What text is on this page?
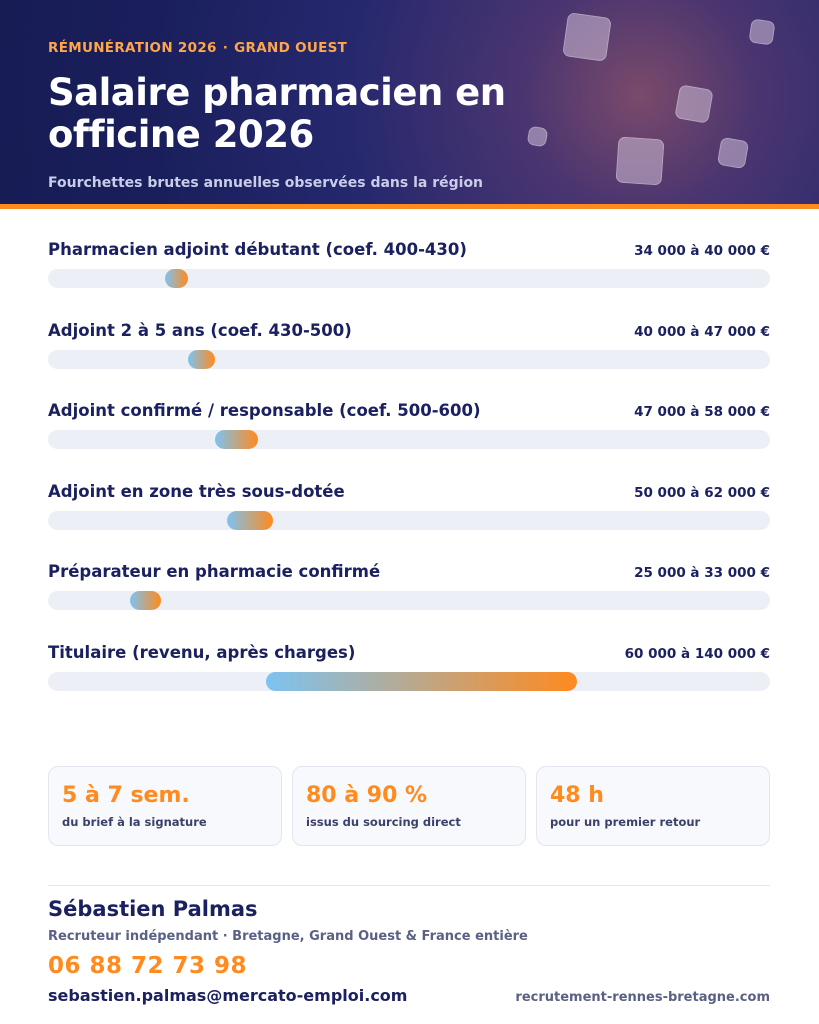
RÉMUNÉRATION 2026 · GRAND OUEST
Salaire pharmacien en officine 2026
Fourchettes brutes annuelles observées dans la région
Pharmacien adjoint débutant (coef. 400-430)	34 000 à 40 000 €
Adjoint 2 à 5 ans (coef. 430-500)	40 000 à 47 000 €
Adjoint confirmé / responsable (coef. 500-600)	47 000 à 58 000 €
Adjoint en zone très sous-dotée	50 000 à 62 000 €
Préparateur en pharmacie confirmé	25 000 à 33 000 €
Titulaire (revenu, après charges)	60 000 à 140 000 €
5 à 7 sem.
du brief à la signature
80 à 90 %
issus du sourcing direct
48 h
pour un premier retour
Sébastien Palmas
Recruteur indépendant · Bretagne, Grand Ouest & France entière
06 88 72 73 98
sebastien.palmas@mercato-emploi.com	recrutement-rennes-bretagne.com
